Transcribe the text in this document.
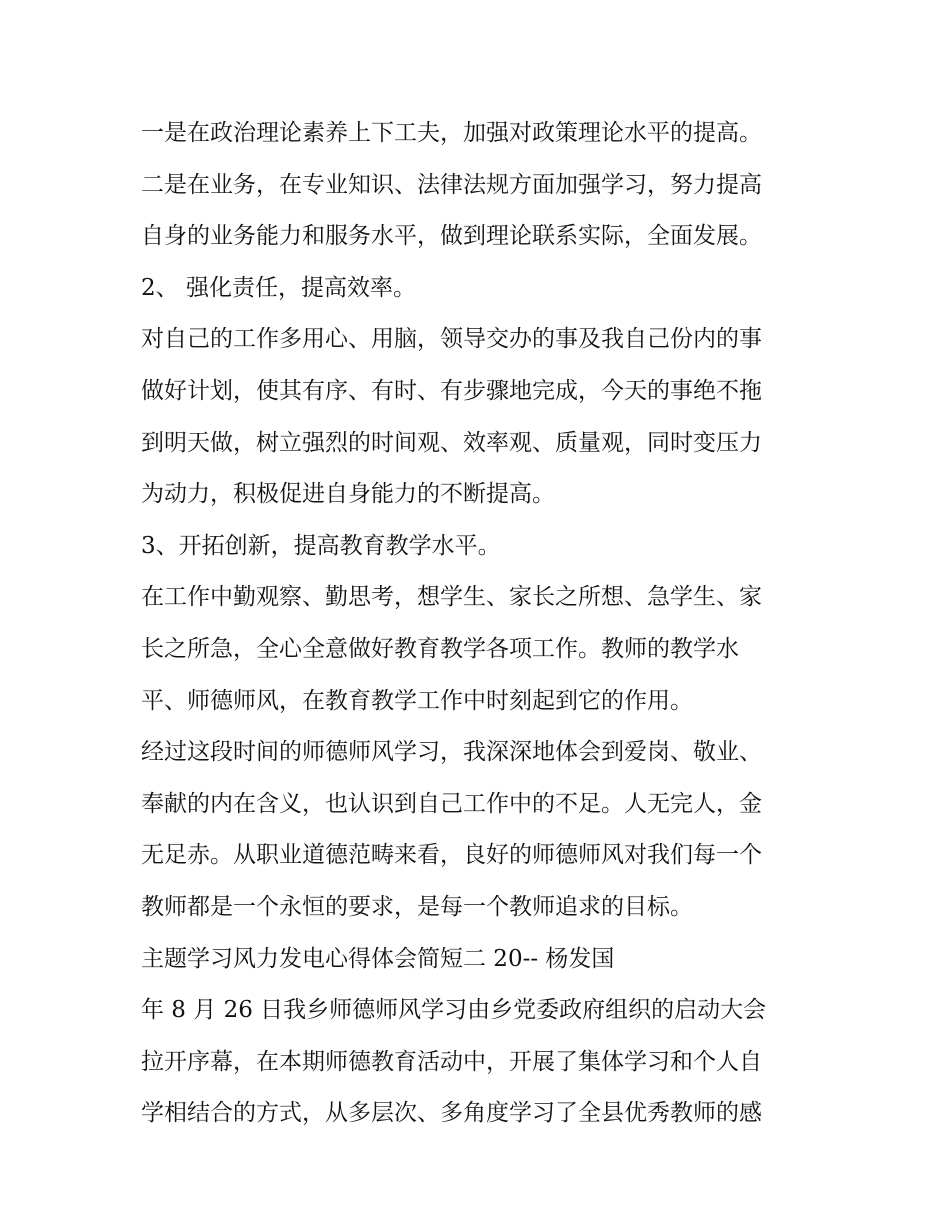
一是在政治理论素养上下工夫，加强对政策理论水平的提高。
二是在业务，在专业知识、法律法规方面加强学习，努力提高
自身的业务能力和服务水平，做到理论联系实际，全面发展。
2、 强化责任，提高效率。
对自己的工作多用心、用脑，领导交办的事及我自己份内的事
做好计划，使其有序、有时、有步骤地完成，今天的事绝不拖
到明天做，树立强烈的时间观、效率观、质量观，同时变压力
为动力，积极促进自身能力的不断提高。
3、开拓创新，提高教育教学水平。
在工作中勤观察、勤思考，想学生、家长之所想、急学生、家
长之所急，全心全意做好教育教学各项工作。教师的教学水
平、师德师风，在教育教学工作中时刻起到它的作用。
经过这段时间的师德师风学习，我深深地体会到爱岗、敬业、
奉献的内在含义，也认识到自己工作中的不足。人无完人，金
无足赤。从职业道德范畴来看，良好的师德师风对我们每一个
教师都是一个永恒的要求，是每一个教师追求的目标。
主题学习风力发电心得体会简短二 20-- 杨发国
年 8 月 26 日我乡师德师风学习由乡党委政府组织的启动大会
拉开序幕，在本期师德教育活动中，开展了集体学习和个人自
学相结合的方式，从多层次、多角度学习了全县优秀教师的感
